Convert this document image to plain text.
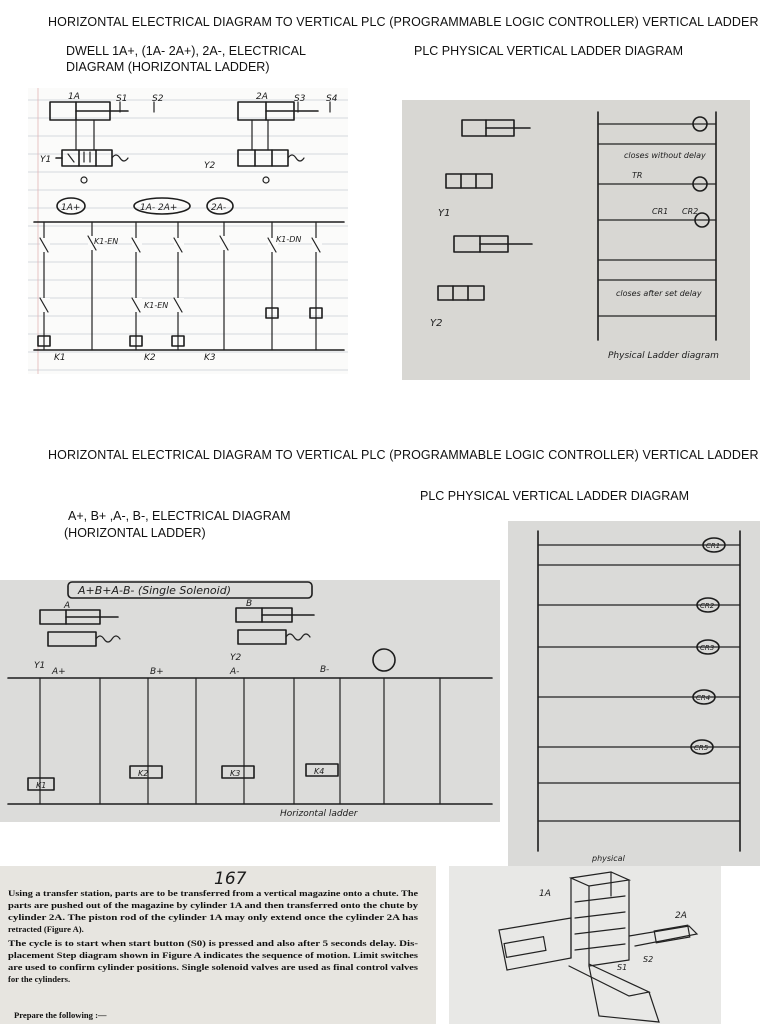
HORIZONTAL ELECTRICAL DIAGRAM TO VERTICAL PLC (PROGRAMMABLE LOGIC CONTROLLER) VERTICAL LADDER
DWELL 1A+, (1A- 2A+), 2A-, ELECTRICAL
DIAGRAM (HORIZONTAL LADDER)
PLC PHYSICAL VERTICAL LADDER DIAGRAM
1A	S1	S2
Y1
2A	S3 S4
Y2
1A+	1A- 2A+	2A-
K1-EN	K1-DN
K1-EN
K1	K2	K3
Y1
Y2
closes without delay
closes after set delay
TR
CR1 CR2
Physical Ladder diagram
HORIZONTAL ELECTRICAL DIAGRAM TO VERTICAL PLC (PROGRAMMABLE LOGIC CONTROLLER) VERTICAL LADDER
PLC PHYSICAL VERTICAL LADDER DIAGRAM
A+, B+ ,A-, B-, ELECTRICAL DIAGRAM
(HORIZONTAL LADDER)
A+B+A-B- (Single Solenoid)
A
Y1
B
Y2
A+	B+	A-	B-
K1
K2	K3	K4
Horizontal ladder
CR1
CR2
CR3
CR4
CR5
physical
167
Using a transfer station, parts are to be transferred from a vertical magazine onto a chute. The
parts are pushed out of the magazine by cylinder 1A and then transferred onto the chute by
cylinder 2A. The piston rod of the cylinder 1A may only extend once the cylinder 2A has
retracted (Figure A).
The cycle is to start when start button (S0) is pressed and also after 5 seconds delay. Dis-
placement Step diagram shown in Figure A indicates the sequence of motion. Limit switches
are used to confirm cylinder positions. Single solenoid valves are used as final control valves
for the cylinders.
Prepare the following :—
1A
2A
S1
S2
